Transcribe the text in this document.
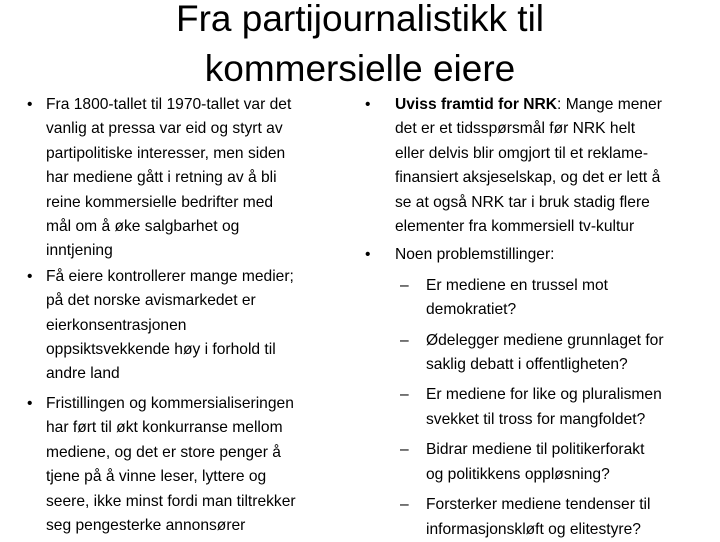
Fra partijournalistikk til
kommersielle eiere
• Fra 1800-tallet til 1970-tallet var det
vanlig at pressa var eid og styrt av
partipolitiske interesser, men siden
har mediene gått i retning av å bli
reine kommersielle bedrifter med
mål om å øke salgbarhet og
inntjening
• Få eiere kontrollerer mange medier;
på det norske avismarkedet er
eierkonsentrasjonen
oppsiktsvekkende høy i forhold til
andre land
• Fristillingen og kommersialiseringen
har ført til økt konkurranse mellom
mediene, og det er store penger å
tjene på å vinne leser, lyttere og
seere, ikke minst fordi man tiltrekker
seg pengesterke annonsører
• Uviss framtid for NRK: Mange mener
det er et tidsspørsmål før NRK helt
eller delvis blir omgjort til et reklame-
finansiert aksjeselskap, og det er lett å
se at også NRK tar i bruk stadig flere
elementer fra kommersiell tv-kultur
• Noen problemstillinger:
– Er mediene en trussel mot
demokratiet?
– Ødelegger mediene grunnlaget for
saklig debatt i offentligheten?
– Er mediene for like og pluralismen
svekket til tross for mangfoldet?
– Bidrar mediene til politikerforakt
og politikkens oppløsning?
– Forsterker mediene tendenser til
informasjonskløft og elitestyre?
